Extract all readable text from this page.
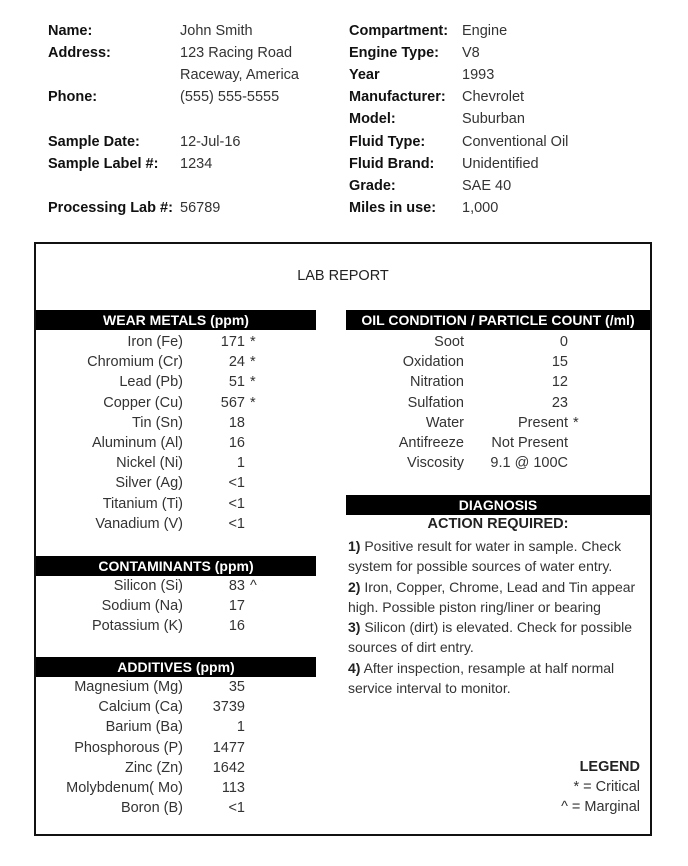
Name:	John Smith
Address:	123 Racing Road
Raceway, America
Phone:	(555) 555-5555
Sample Date:	12-Jul-16
Sample Label #: 1234
Processing Lab #: 56789
Compartment: Engine
Engine Type: V8
Year	1993
Manufacturer: Chevrolet
Model:	Suburban
Fluid Type:	Conventional Oil
Fluid Brand: Unidentified
Grade:	SAE 40
Miles in use: 1,000
LAB REPORT
WEAR METALS (ppm)
Iron (Fe)	171 *
Chromium (Cr)	24 *
Lead (Pb)	51 *
Copper (Cu)	567 *
Tin (Sn)	18
Aluminum (Al)	16
Nickel (Ni)	1
Silver (Ag)	<1
Titanium (Ti)	<1
Vanadium (V)	<1
CONTAMINANTS (ppm)
Silicon (Si)	83 ^
Sodium (Na)	17
Potassium (K)	16
ADDITIVES (ppm)
Magnesium (Mg)	35
Calcium (Ca) 3739
Barium (Ba)	1
Phosphorous (P) 1477
Zinc (Zn) 1642
Molybdenum( Mo)	113
Boron (B)	<1
OIL CONDITION / PARTICLE COUNT (/ml)
Soot	0
Oxidation	15
Nitration	12
Sulfation	23
Water	Present *
Antifreeze Not Present
Viscosity 9.1 @ 100C
DIAGNOSIS
ACTION REQUIRED:

1) Positive result for water in sample. Check system for possible sources of water entry.

2) Iron, Copper, Chrome, Lead and Tin appear high. Possible piston ring/liner or bearing

3) Silicon (dirt) is elevated. Check for possible sources of dirt entry.

4) After inspection, resample at half normal service interval to monitor.

LEGEND
* = Critical
^ = Marginal
